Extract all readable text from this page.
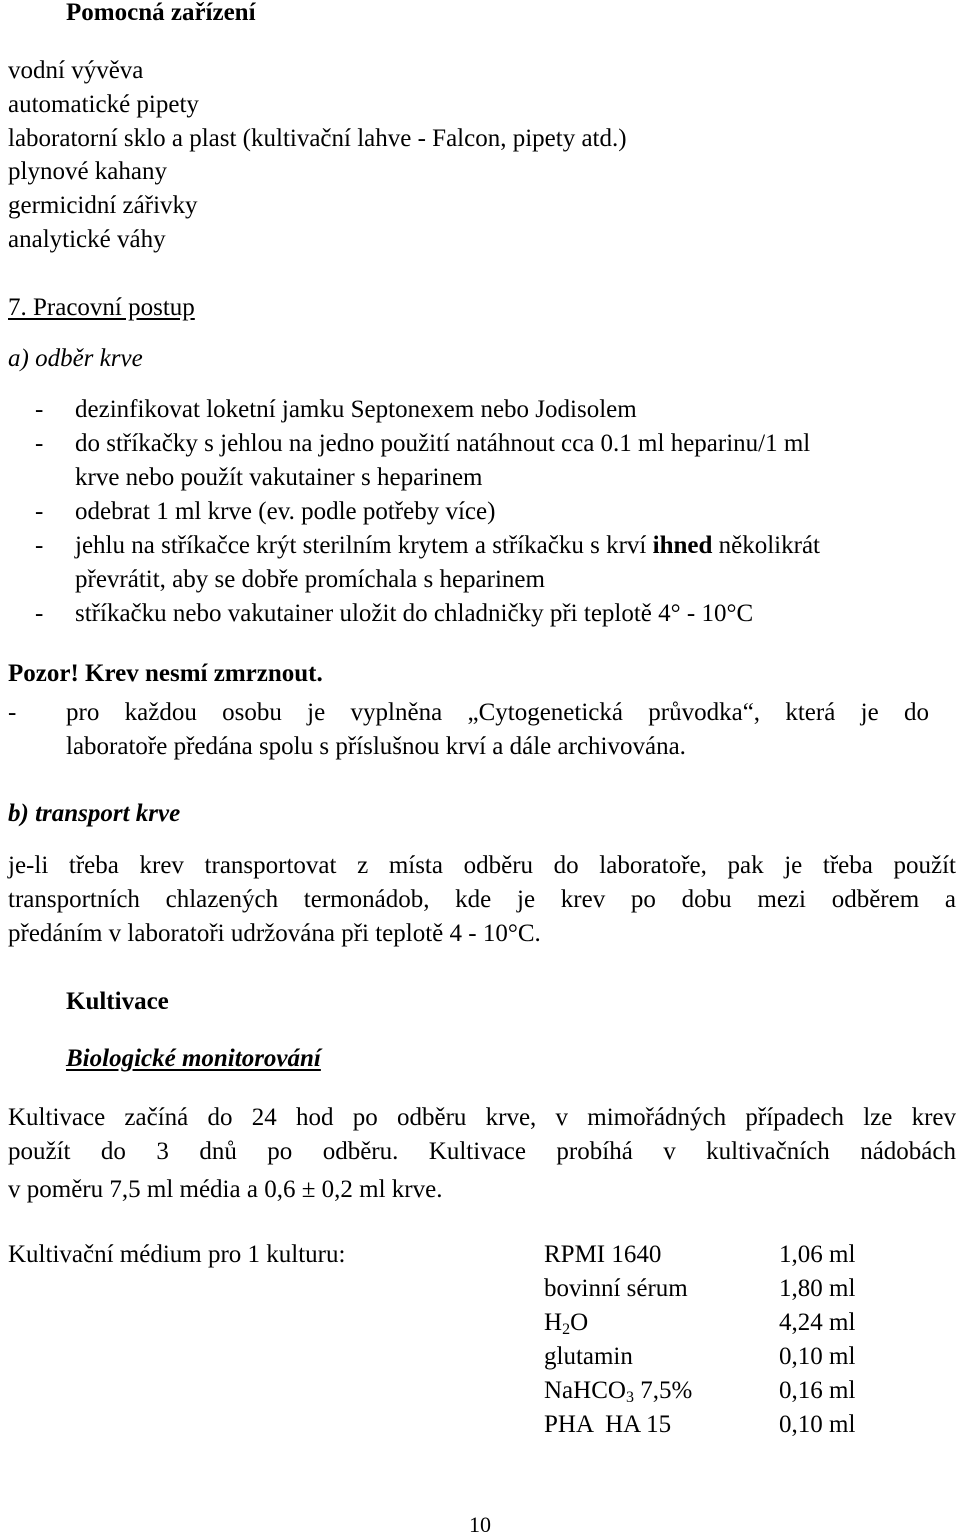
Pomocná zařízení
vodní vývěva
automatické pipety
laboratorní sklo a plast (kultivační lahve - Falcon, pipety atd.)
plynové kahany
germicidní zářivky
analytické váhy
7. Pracovní postup
a) odběr krve
- dezinfikovat loketní jamku Septonexem nebo Jodisolem
- do stříkačky s jehlou na jedno použití natáhnout cca 0.1 ml heparinu/1 ml
krve nebo použít vakutainer s heparinem
- odebrat 1 ml krve (ev. podle potřeby více)
- jehlu na stříkačce krýt sterilním krytem a stříkačku s krví ihned několikrát
převrátit, aby se dobře promíchala s heparinem
- stříkačku nebo vakutainer uložit do chladničky při teplotě 4° - 10°C
Pozor! Krev nesmí zmrznout.
- pro každou osobu je vyplněna „Cytogenetická průvodka“, která je do
laboratoře předána spolu s příslušnou krví a dále archivována.
b) transport krve
je-li třeba krev transportovat z místa odběru do laboratoře, pak je třeba použít
transportních chlazených termonádob, kde je krev po dobu mezi odběrem a
předáním v laboratoři udržována při teplotě 4 - 10°C.
Kultivace
Biologické monitorování
Kultivace začíná do 24 hod po odběru krve, v mimořádných případech lze krev
použít do 3 dnů po odběru. Kultivace probíhá v kultivačních nádobách
v poměru 7,5 ml média a 0,6 ± 0,2 ml krve.
Kultivační médium pro 1 kulturu:	RPMI 1640	1,06 ml
bovinní sérum	1,80 ml
$H_2O$	4,24 ml
glutamin	0,10 ml
NaHCO$_3$ 7,5%	0,16 ml
PHA  HA 15	0,10 ml
10
